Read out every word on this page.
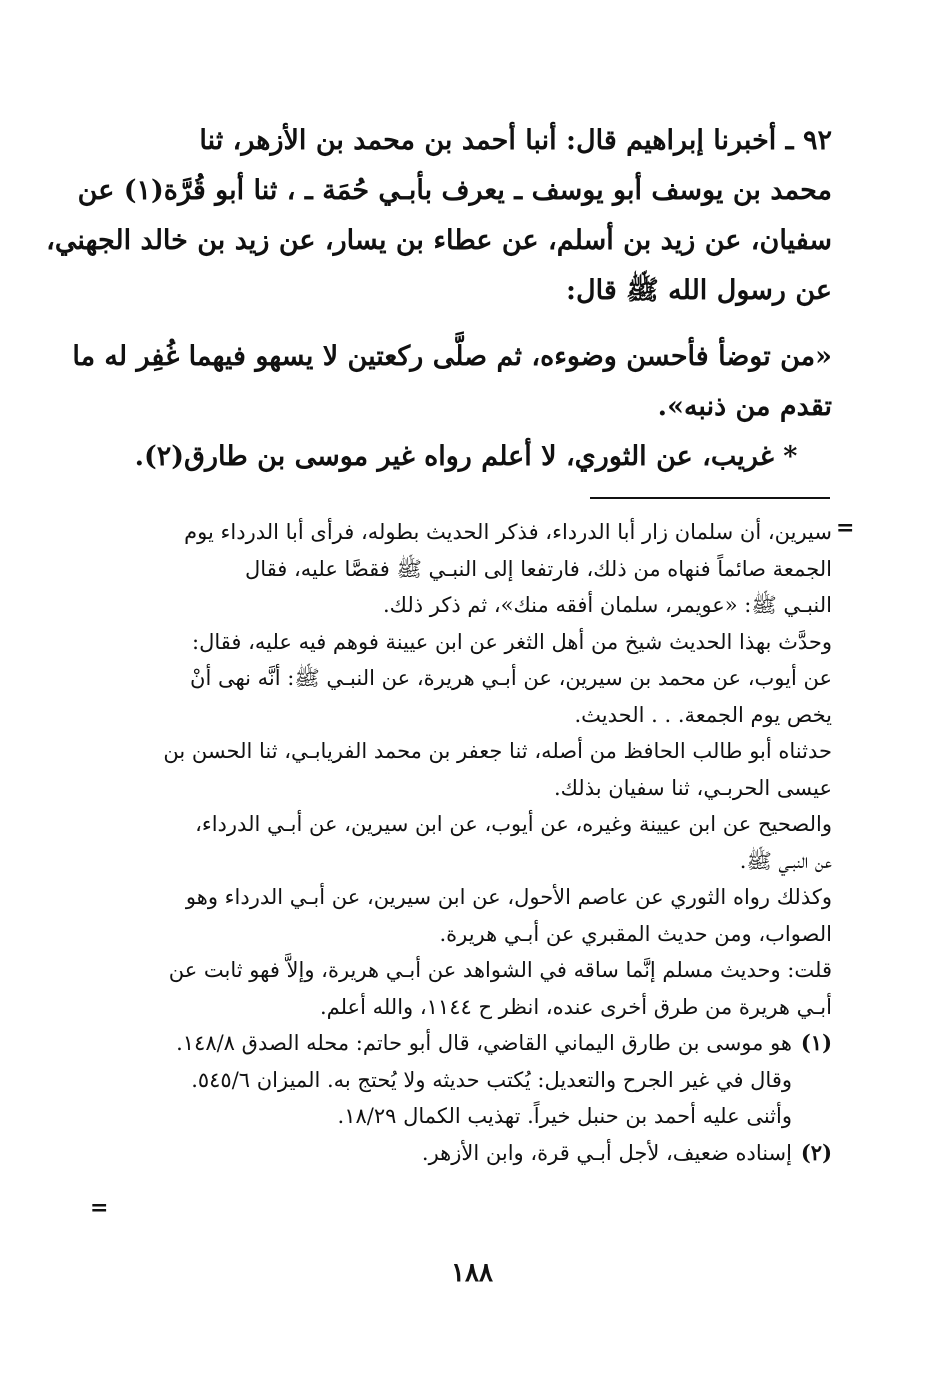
٩٢ ـ أخبرنا إبراهيم قال: أنبا أحمد بن محمد بن الأزهر، ثنا
محمد بن يوسف أبو يوسف ـ يعرف بأبـي حُمَة ـ ، ثنا أبو قُرَّة(١) عن
سفيان، عن زيد بن أسلم، عن عطاء بن يسار، عن زيد بن خالد الجهني،
عن رسول الله ﷺ قال:
«من توضأ فأحسن وضوءه، ثم صلَّى ركعتين لا يسهو فيهما غُفِر له ما
تقدم من ذنبه».
* غريب، عن الثوري، لا أعلم رواه غير موسى بن طارق(٢).
=
سيرين، أن سلمان زار أبا الدرداء، فذكر الحديث بطوله، فرأى أبا الدرداء يوم
الجمعة صائماً فنهاه من ذلك، فارتفعا إلى النبـي ﷺ فقصَّا عليه، فقال
النبـي ﷺ: «عويمر، سلمان أفقه منك»، ثم ذكر ذلك.
وحدَّث بهذا الحديث شيخ من أهل الثغر عن ابن عيينة فوهم فيه عليه، فقال:
عن أيوب، عن محمد بن سيرين، عن أبـي هريرة، عن النبـي ﷺ: أنَّه نهى أنْ
يخص يوم الجمعة. . . الحديث.
حدثناه أبو طالب الحافظ من أصله، ثنا جعفر بن محمد الفريابـي، ثنا الحسن بن
عيسى الحربـي، ثنا سفيان بذلك.
والصحيح عن ابن عيينة وغيره، عن أيوب، عن ابن سيرين، عن أبـي الدرداء،
عن النبـي ﷺ.
وكذلك رواه الثوري عن عاصم الأحول، عن ابن سيرين، عن أبـي الدرداء وهو
الصواب، ومن حديث المقبري عن أبـي هريرة.
قلت: وحديث مسلم إنَّما ساقه في الشواهد عن أبـي هريرة، وإلاَّ فهو ثابت عن
أبـي هريرة من طرق أخرى عنده، انظر ح ١١٤٤، والله أعلم.
(١)هو موسى بن طارق اليماني القاضي، قال أبو حاتم: محله الصدق ١٤٨/٨.
وقال في غير الجرح والتعديل: يُكتب حديثه ولا يُحتج به. الميزان ٥٤٥/٦.
وأثنى عليه أحمد بن حنبل خيراً. تهذيب الكمال ١٨/٢٩.
(٢)إسناده ضعيف، لأجل أبـي قرة، وابن الأزهر.
=
١٨٨
